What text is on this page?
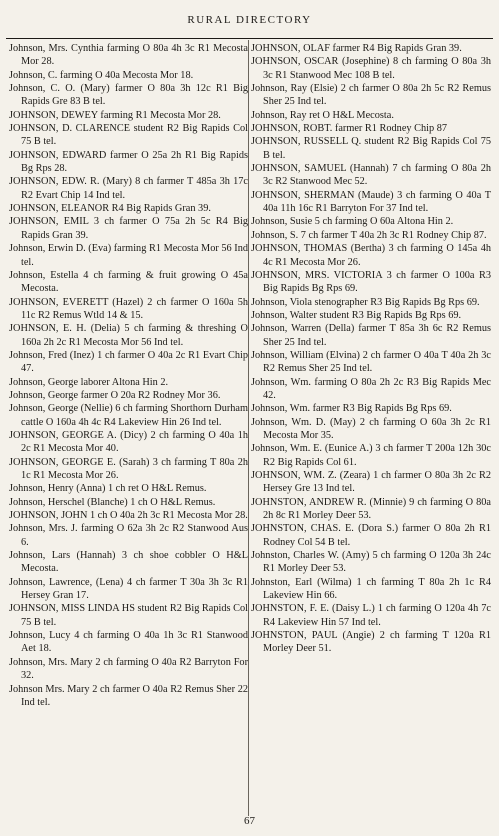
RURAL DIRECTORY

Johnson, Mrs. Cynthia farming O 80a 4h 3c R1 Mecosta Mor 28.

Johnson, C. farming O 40a Mecosta Mor 18.

Johnson, C. O. (Mary) farmer O 80a 3h 12c R1 Big Rapids Gre 83 B tel.

JOHNSON, DEWEY farming R1 Mecosta Mor 28.

JOHNSON, D. CLARENCE student R2 Big Rapids Col 75 B tel.

JOHNSON, EDWARD farmer O 25a 2h R1 Big Rapids Bg Rps 28.

JOHNSON, EDW. R. (Mary) 8 ch farmer T 485a 3h 17c R2 Evart Chip 14 Ind tel.

JOHNSON, ELEANOR R4 Big Rapids Gran 39.

JOHNSON, EMIL 3 ch farmer O 75a 2h 5c R4 Big Rapids Gran 39.

Johnson, Erwin D. (Eva) farming R1 Mecosta Mor 56 Ind tel.

Johnson, Estella 4 ch farming & fruit growing O 45a Mecosta.

JOHNSON, EVERETT (Hazel) 2 ch farmer O 160a 5h 11c R2 Remus Wtld 14 & 15.

JOHNSON, E. H. (Delia) 5 ch farming & threshing O 160a 2h 2c R1 Mecosta Mor 56 Ind tel.

Johnson, Fred (Inez) 1 ch farmer O 40a 2c R1 Evart Chip 47.

Johnson, George laborer Altona Hin 2.

Johnson, George farmer O 20a R2 Rodney Mor 36.

Johnson, George (Nellie) 6 ch farming Shorthorn Durham cattle O 160a 4h 4c R4 Lakeview Hin 26 Ind tel.

JOHNSON, GEORGE A. (Dicy) 2 ch farming O 40a 1h 2c R1 Mecosta Mor 40.

JOHNSON, GEORGE E. (Sarah) 3 ch farming T 80a 2h 1c R1 Mecosta Mor 26.

Johnson, Henry (Anna) 1 ch ret O H&L Remus.

Johnson, Herschel (Blanche) 1 ch O H&L Remus.

JOHNSON, JOHN 1 ch O 40a 2h 3c R1 Mecosta Mor 28.

Johnson, Mrs. J. farming O 62a 3h 2c R2 Stanwood Aus 6.

Johnson, Lars (Hannah) 3 ch shoe cobbler O H&L Mecosta.

Johnson, Lawrence, (Lena) 4 ch farmer T 30a 3h 3c R1 Hersey Gran 17.

JOHNSON, MISS LINDA HS student R2 Big Rapids Col 75 B tel.

Johnson, Lucy 4 ch farming O 40a 1h 3c R1 Stanwood Aet 18.

Johnson, Mrs. Mary 2 ch farming O 40a R2 Barryton For 32.

Johnson Mrs. Mary 2 ch farmer O 40a R2 Remus Sher 22 Ind tel.

JOHNSON, OLAF farmer R4 Big Rapids Gran 39.

JOHNSON, OSCAR (Josephine) 8 ch farming O 80a 3h 3c R1 Stanwood Mec 108 B tel.

Johnson, Ray (Elsie) 2 ch farmer O 80a 2h 5c R2 Remus Sher 25 Ind tel.

Johnson, Ray ret O H&L Mecosta.

JOHNSON, ROBT. farmer R1 Rodney Chip 87

JOHNSON, RUSSELL Q. student R2 Big Rapids Col 75 B tel.

JOHNSON, SAMUEL (Hannah) 7 ch farming O 80a 2h 3c R2 Stanwood Mec 52.

JOHNSON, SHERMAN (Maude) 3 ch farming O 40a T 40a 11h 16c R1 Barryton For 37 Ind tel.

Johnson, Susie 5 ch farming O 60a Altona Hin 2.

Johnson, S. 7 ch farmer T 40a 2h 3c R1 Rodney Chip 87.

JOHNSON, THOMAS (Bertha) 3 ch farming O 145a 4h 4c R1 Mecosta Mor 26.

JOHNSON, MRS. VICTORIA 3 ch farmer O 100a R3 Big Rapids Bg Rps 69.

Johnson, Viola stenographer R3 Big Rapids Bg Rps 69.

Johnson, Walter student R3 Big Rapids Bg Rps 69.

Johnson, Warren (Della) farmer T 85a 3h 6c R2 Remus Sher 25 Ind tel.

Johnson, William (Elvina) 2 ch farmer O 40a T 40a 2h 3c R2 Remus Sher 25 Ind tel.

Johnson, Wm. farming O 80a 2h 2c R3 Big Rapids Mec 42.

Johnson, Wm. farmer R3 Big Rapids Bg Rps 69.

Johnson, Wm. D. (May) 2 ch farming O 60a 3h 2c R1 Mecosta Mor 35.

Johnson, Wm. E. (Eunice A.) 3 ch farmer T 200a 12h 30c R2 Big Rapids Col 61.

JOHNSON, WM. Z. (Zeara) 1 ch farmer O 80a 3h 2c R2 Hersey Gre 13 Ind tel.

JOHNSTON, ANDREW R. (Minnie) 9 ch farming O 80a 2h 8c R1 Morley Deer 53.

JOHNSTON, CHAS. E. (Dora S.) farmer O 80a 2h R1 Rodney Col 54 B tel.

Johnston, Charles W. (Amy) 5 ch farming O 120a 3h 24c R1 Morley Deer 53.

Johnston, Earl (Wilma) 1 ch farming T 80a 2h 1c R4 Lakeview Hin 66.

JOHNSTON, F. E. (Daisy L.) 1 ch farming O 120a 4h 7c R4 Lakeview Hin 57 Ind tel.

JOHNSTON, PAUL (Angie) 2 ch farming T 120a R1 Morley Deer 51.

67
